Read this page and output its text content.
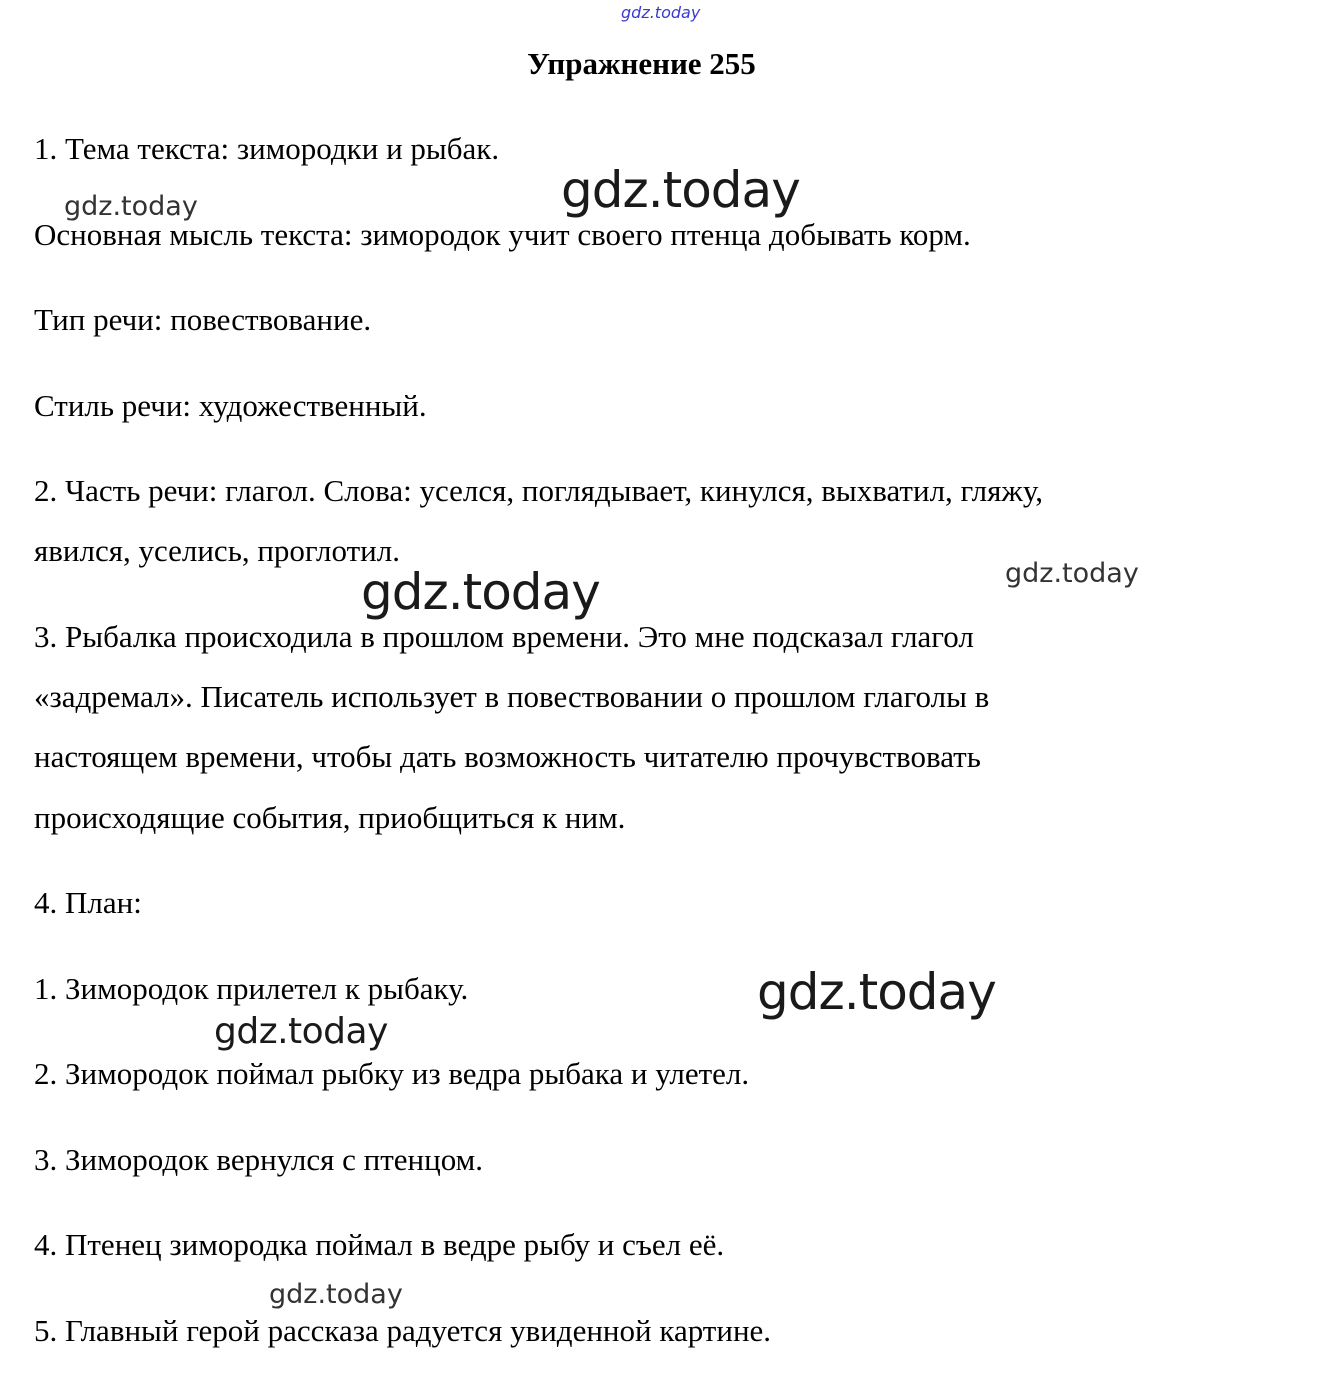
gdz.today
gdz.today
gdz.today
gdz.today	gdz.today
gdz.today
gdz.today
gdz.today
Упражнение 255
1. Тема текста: зимородки и рыбак.
Основная мысль текста: зимородок учит своего птенца добывать корм.
Тип речи: повествование.
Стиль речи: художественный.
2. Часть речи: глагол. Слова: уселся, поглядывает, кинулся, выхватил, гляжу,
явился, уселись, проглотил.
3. Рыбалка происходила в прошлом времени. Это мне подсказал глагол
«задремал». Писатель использует в повествовании о прошлом глаголы в
настоящем времени, чтобы дать возможность читателю прочувствовать
происходящие события, приобщиться к ним.
4. План:
1. Зимородок прилетел к рыбаку.
2. Зимородок поймал рыбку из ведра рыбака и улетел.
3. Зимородок вернулся с птенцом.
4. Птенец зимородка поймал в ведре рыбу и съел её.
5. Главный герой рассказа радуется увиденной картине.
